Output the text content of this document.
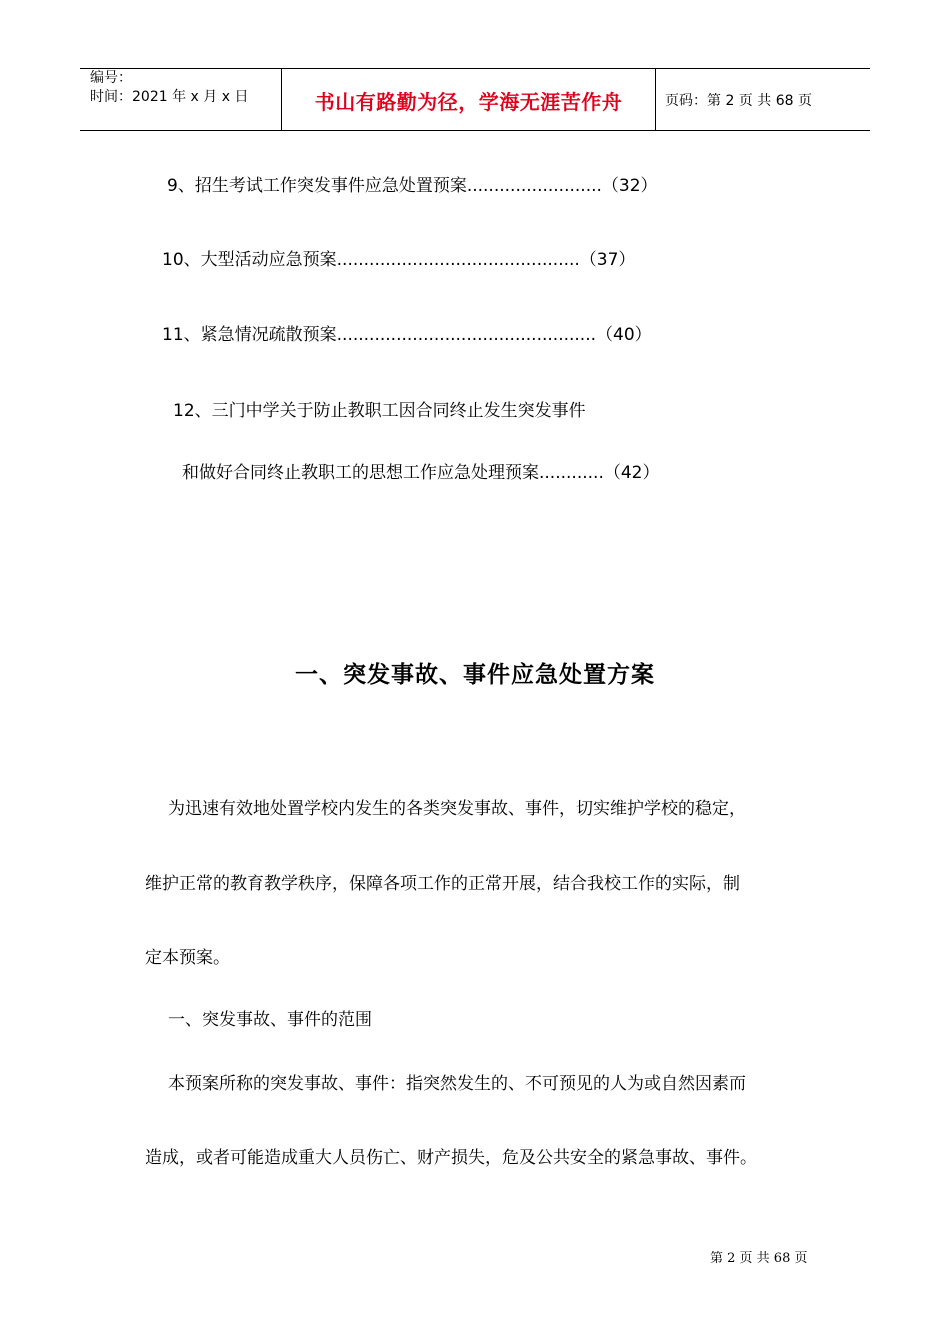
编号：
时间：2021 年 x 月 x 日	书山有路勤为径，学海无涯苦作舟	页码：第 2 页 共 68 页
9、招生考试工作突发事件应急处置预案.........................（32）
10、大型活动应急预案.............................................（37）
11、紧急情况疏散预案................................................（40）
12、三门中学关于防止教职工因合同终止发生突发事件
和做好合同终止教职工的思想工作应急处理预案............（42）
一、突发事故、事件应急处置方案
为迅速有效地处置学校内发生的各类突发事故、事件，切实维护学校的稳定，
维护正常的教育教学秩序，保障各项工作的正常开展，结合我校工作的实际，制
定本预案。
一、突发事故、事件的范围
本预案所称的突发事故、事件：指突然发生的、不可预见的人为或自然因素而
造成，或者可能造成重大人员伤亡、财产损失，危及公共安全的紧急事故、事件。
第 2 页 共 68 页
